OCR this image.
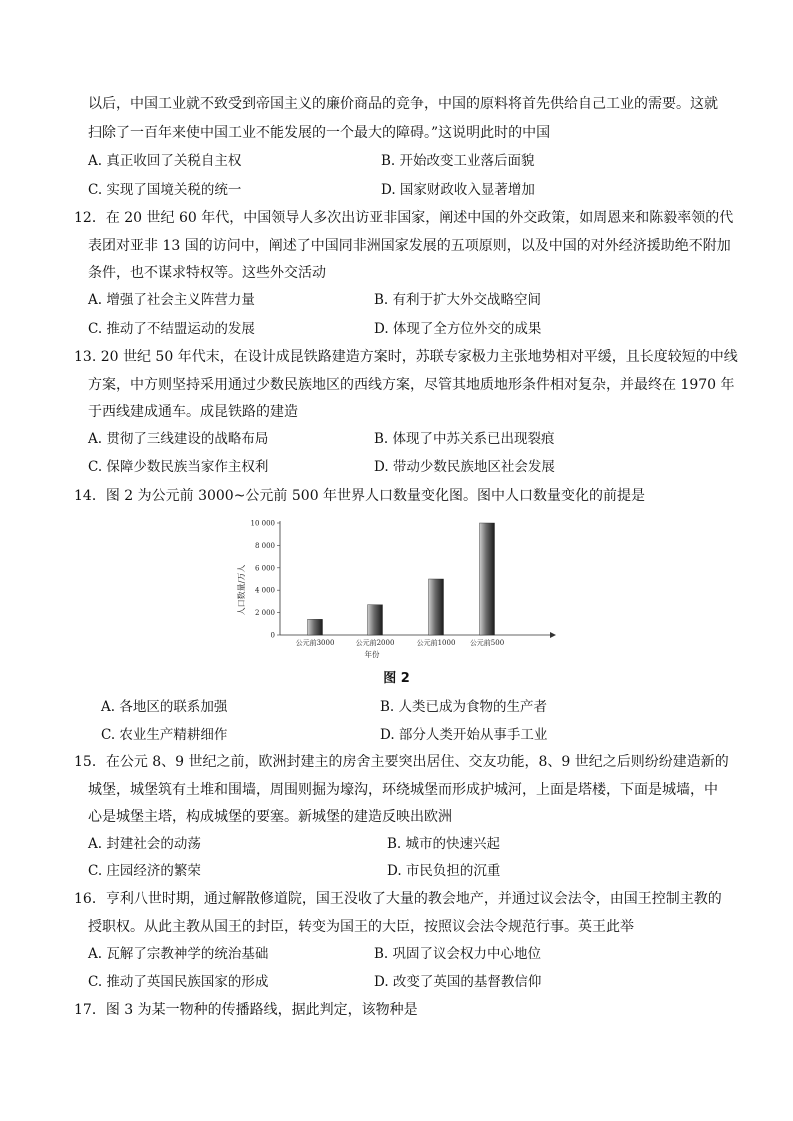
以后，中国工业就不致受到帝国主义的廉价商品的竞争，中国的原料将首先供给自己工业的需要。这就
扫除了一百年来使中国工业不能发展的一个最大的障碍。”这说明此时的中国
A. 真正收回了关税自主权	B. 开始改变工业落后面貌
C. 实现了国境关税的统一	D. 国家财政收入显著增加
12．在 20 世纪 60 年代，中国领导人多次出访亚非国家，阐述中国的外交政策，如周恩来和陈毅率领的代
表团对亚非 13 国的访问中，阐述了中国同非洲国家发展的五项原则，以及中国的对外经济援助绝不附加
条件，也不谋求特权等。这些外交活动
A. 增强了社会主义阵营力量	B. 有利于扩大外交战略空间
C. 推动了不结盟运动的发展	D. 体现了全方位外交的成果
13. 20 世纪 50 年代末，在设计成昆铁路建造方案时，苏联专家极力主张地势相对平缓，且长度较短的中线
方案，中方则坚持采用通过少数民族地区的西线方案，尽管其地质地形条件相对复杂，并最终在 1970 年
于西线建成通车。成昆铁路的建造
A. 贯彻了三线建设的战略布局	B. 体现了中苏关系已出现裂痕
C. 保障少数民族当家作主权利	D. 带动少数民族地区社会发展
14．图 2 为公元前 3000~公元前 500 年世界人口数量变化图。图中人口数量变化的前提是
人口数量/万人
0
2 000
4 000
6 000
8 000
10 000
公元前3000	公元前2000	公元前1000 公元前500
年份
图 2
A. 各地区的联系加强	B. 人类已成为食物的生产者
C. 农业生产精耕细作	D. 部分人类开始从事手工业
15．在公元 8、9 世纪之前，欧洲封建主的房舍主要突出居住、交友功能，8、9 世纪之后则纷纷建造新的
城堡，城堡筑有土堆和围墙，周围则掘为壕沟，环绕城堡而形成护城河，上面是塔楼，下面是城墙，中
心是城堡主塔，构成城堡的要塞。新城堡的建造反映出欧洲
A. 封建社会的动荡	B. 城市的快速兴起
C. 庄园经济的繁荣	D. 市民负担的沉重
16．亨利八世时期，通过解散修道院，国王没收了大量的教会地产，并通过议会法令，由国王控制主教的
授职权。从此主教从国王的封臣，转变为国王的大臣，按照议会法令规范行事。英王此举
A. 瓦解了宗教神学的统治基础	B. 巩固了议会权力中心地位
C. 推动了英国民族国家的形成	D. 改变了英国的基督教信仰
17．图 3 为某一物种的传播路线，据此判定，该物种是
